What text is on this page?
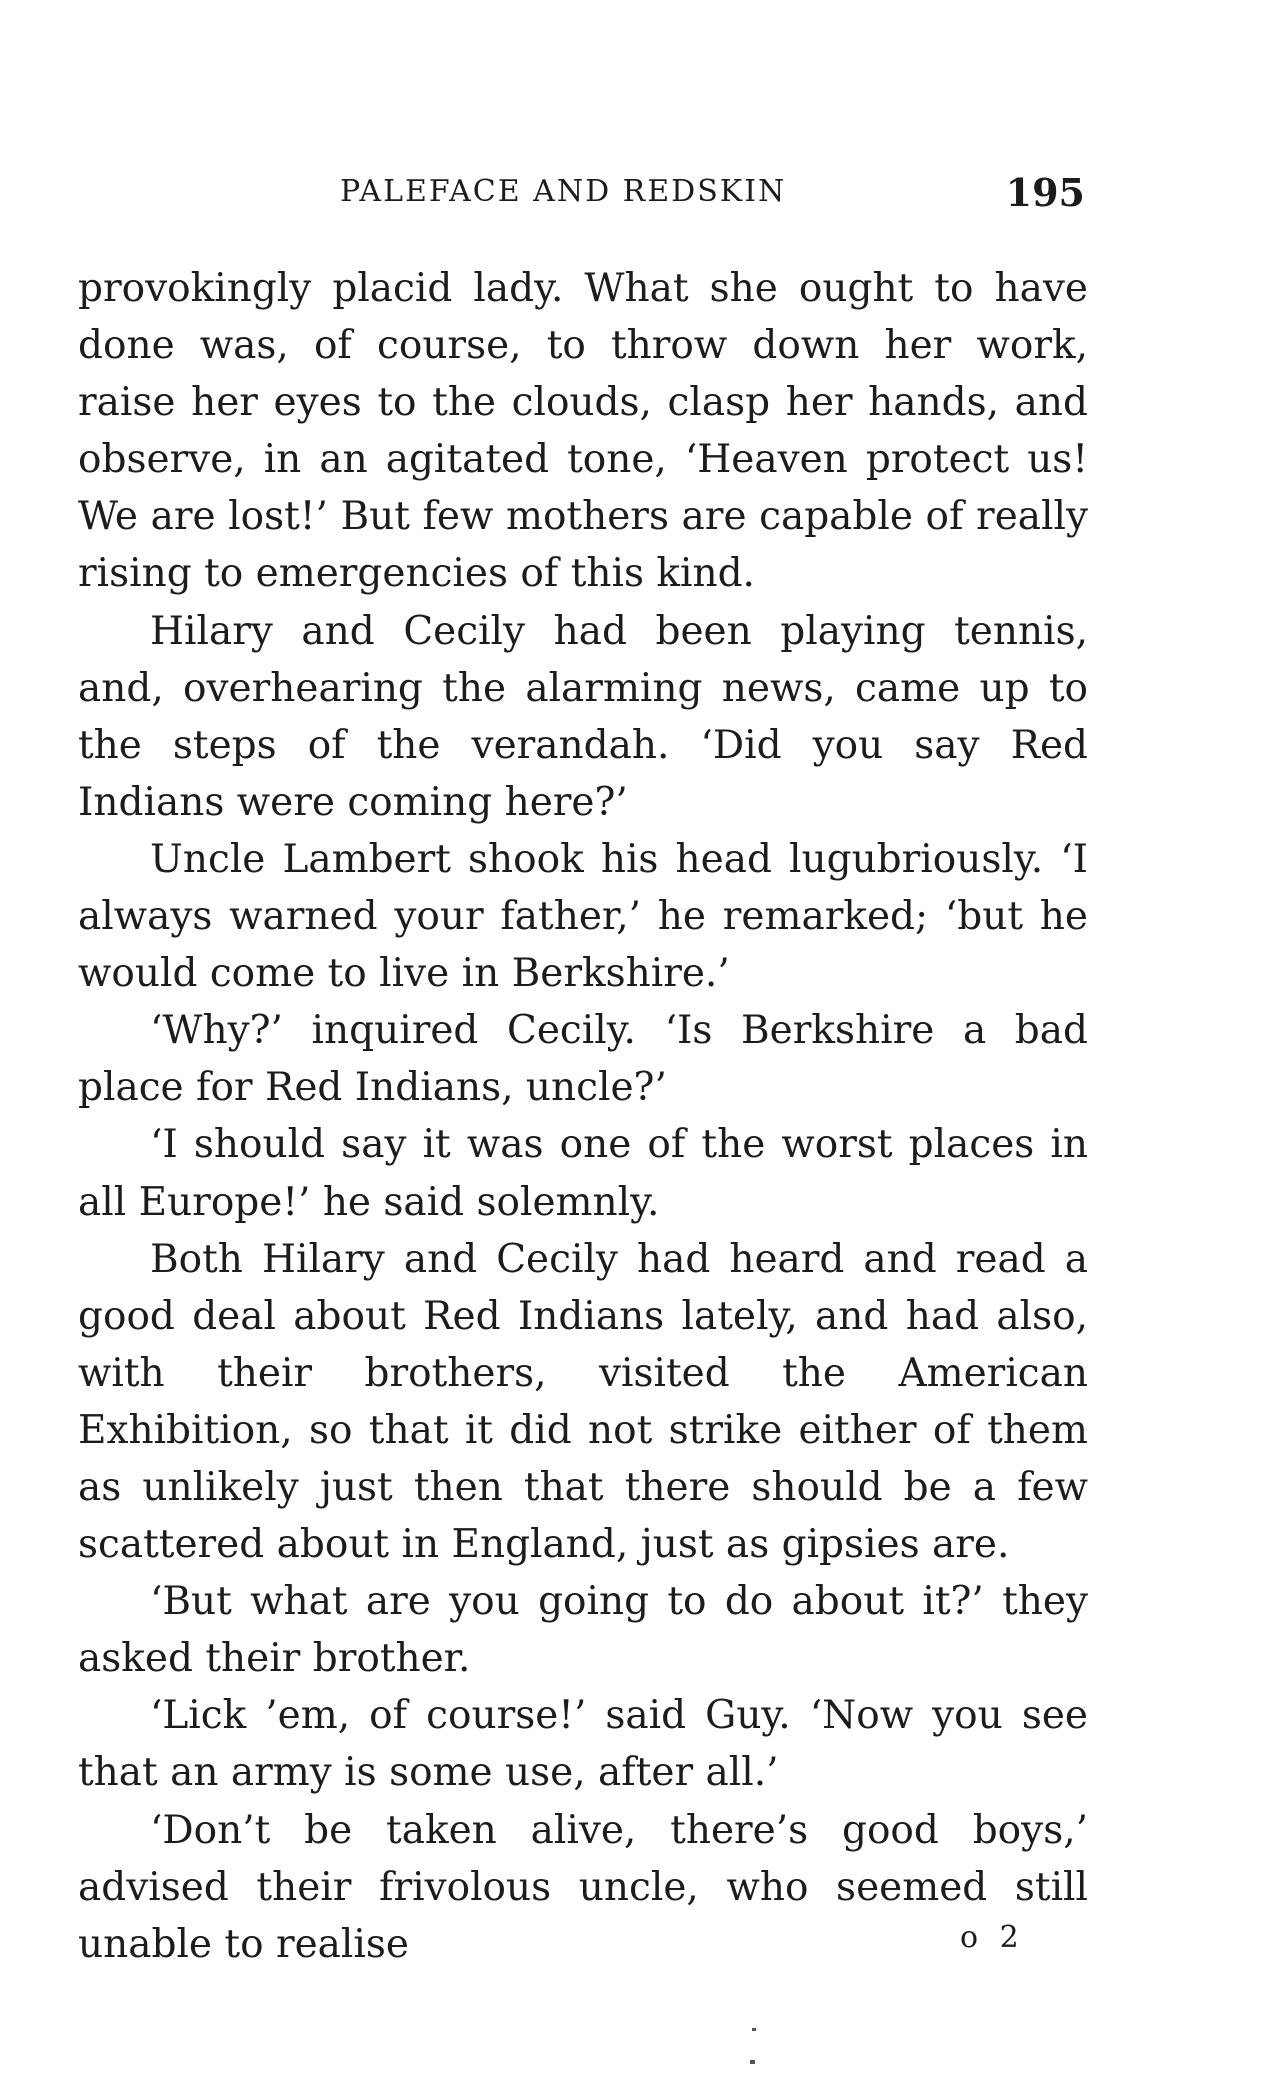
PALEFACE AND REDSKIN	195

provokingly placid lady. What she ought to have done was, of course, to throw down her work, raise her eyes to the clouds, clasp her hands, and observe, in an agitated tone, ‘Heaven protect us! We are lost!’ But few mothers are capable of really rising to emergencies of this kind.

Hilary and Cecily had been playing tennis, and, overhearing the alarming news, came up to the steps of the verandah. ‘Did you say Red Indians were coming here?’

Uncle Lambert shook his head lugubriously. ‘I always warned your father,’ he remarked; ‘but he would come to live in Berkshire.’

‘Why?’ inquired Cecily. ‘Is Berkshire a bad place for Red Indians, uncle?’

‘I should say it was one of the worst places in all Europe!’ he said solemnly.

Both Hilary and Cecily had heard and read a good deal about Red Indians lately, and had also, with their brothers, visited the American Exhibition, so that it did not strike either of them as unlikely just then that there should be a few scattered about in England, just as gipsies are.

‘But what are you going to do about it?’ they asked their brother.

‘Lick ’em, of course!’ said Guy. ‘Now you see that an army is some use, after all.’

‘Don’t be taken alive, there’s good boys,’ advised their frivolous uncle, who seemed still unable to realise	o 2
